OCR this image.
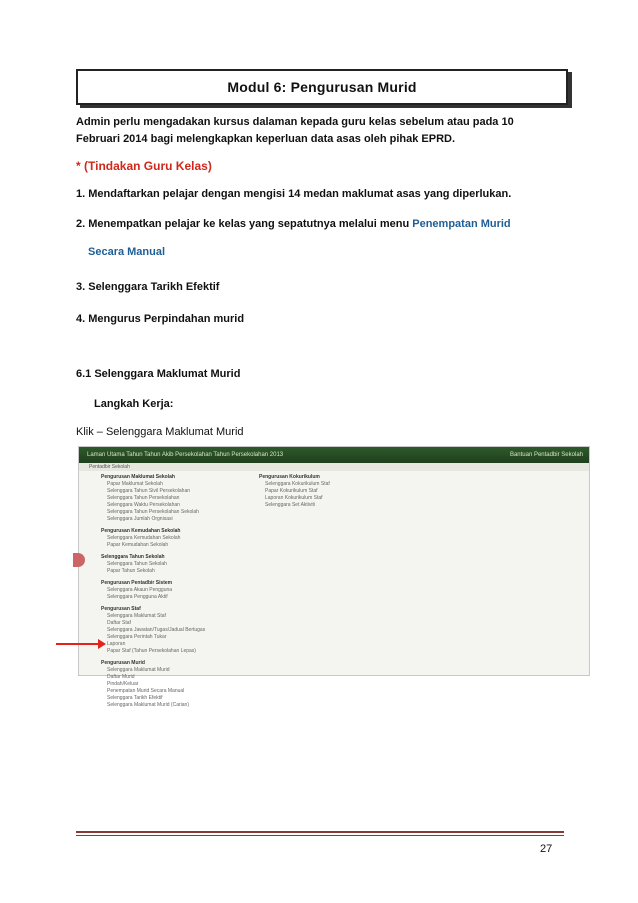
Modul 6: Pengurusan Murid
Admin perlu mengadakan kursus dalaman kepada guru kelas sebelum atau pada 10
Februari 2014 bagi melengkapkan keperluan data asas oleh pihak EPRD.
* (Tindakan Guru Kelas)
1. Mendaftarkan pelajar dengan mengisi 14 medan maklumat asas yang diperlukan.
2. Menempatkan pelajar ke kelas yang sepatutnya melalui menu Penempatan Murid
Secara Manual
3. Selenggara Tarikh Efektif
4. Mengurus Perpindahan murid
6.1 Selenggara Maklumat Murid
Langkah Kerja:
Klik – Selenggara Maklumat Murid
Laman Utama Tahun Tahun Akib Persekolahan Tahun Persekolahan 2013	Bantuan Pentadbir Sekolah
Pentadbir Sekolah
Pengurusan Maklumat Sekolah
Papar Maklumat Sekolah
Selenggara Tahun Sivil Persekolahan
Selenggara Tahun Persekolahan
Selenggara Waktu Persekolahan
Selenggara Tahun Persekolahan Sekolah
Selenggara Jumlah Orgnisasi
Pengurusan Kemudahan Sekolah
Selenggara Kemudahan Sekolah
Papar Kemudahan Sekolah
Selenggara Tahun Sekolah
Selenggara Tahun Sekolah
Papar Tahun Sekolah
Pengurusan Pentadbir Sistem
Selenggara Akaun Pengguna
Selenggara Pengguna Aktif
Pengurusan Staf
Selenggara Maklumat Staf
Daftar Staf
Selenggara Jawatan/Tugas/Jadual Bertugas
Selenggara Perintah Tukar
Laporan
Papar Staf (Tahun Persekolahan Lepas)
Pengurusan Murid
Selenggara Maklumat Murid
Daftar Murid
Pindah/Keluar
Penempatan Murid Secara Manual
Selenggara Tarikh Efektif
Selenggara Maklumat Murid (Carian)
Pengurusan Kokurikulum
Selenggara Kokurikulum Staf
Papar Kokurikulum Staf
Laporan Kokurikulum Staf
Selenggara Set Aktiviti
27
